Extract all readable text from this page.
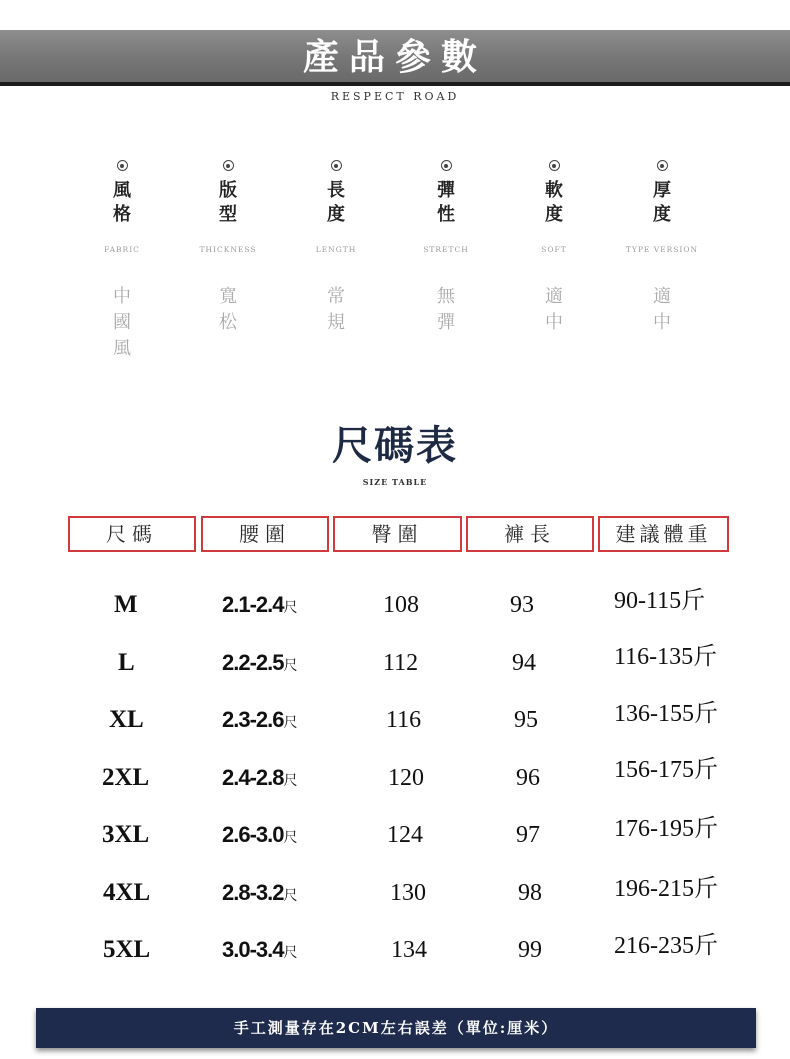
產品參數
RESPECT ROAD
風格
FABRIC
中國風
版型
THICKNESS
寬松
長度
LENGTH
常規
彈性
STRETCH
無彈
軟度
SOFT
適中
厚度
TYPE VERSION
適中
尺碼表
SIZE TABLE
尺碼	腰圍	臀圍	褲長	建議體重
M	2.1-2.4尺	108	93	90-115斤
L	2.2-2.5尺	112	94	116-135斤
XL	2.3-2.6尺	116	95	136-155斤
2XL	2.4-2.8尺	120	96	156-175斤
3XL	2.6-3.0尺	124	97	176-195斤
4XL	2.8-3.2尺	130	98	196-215斤
5XL	3.0-3.4尺	134	99	216-235斤
手工測量存在2CM左右誤差（單位:厘米）
